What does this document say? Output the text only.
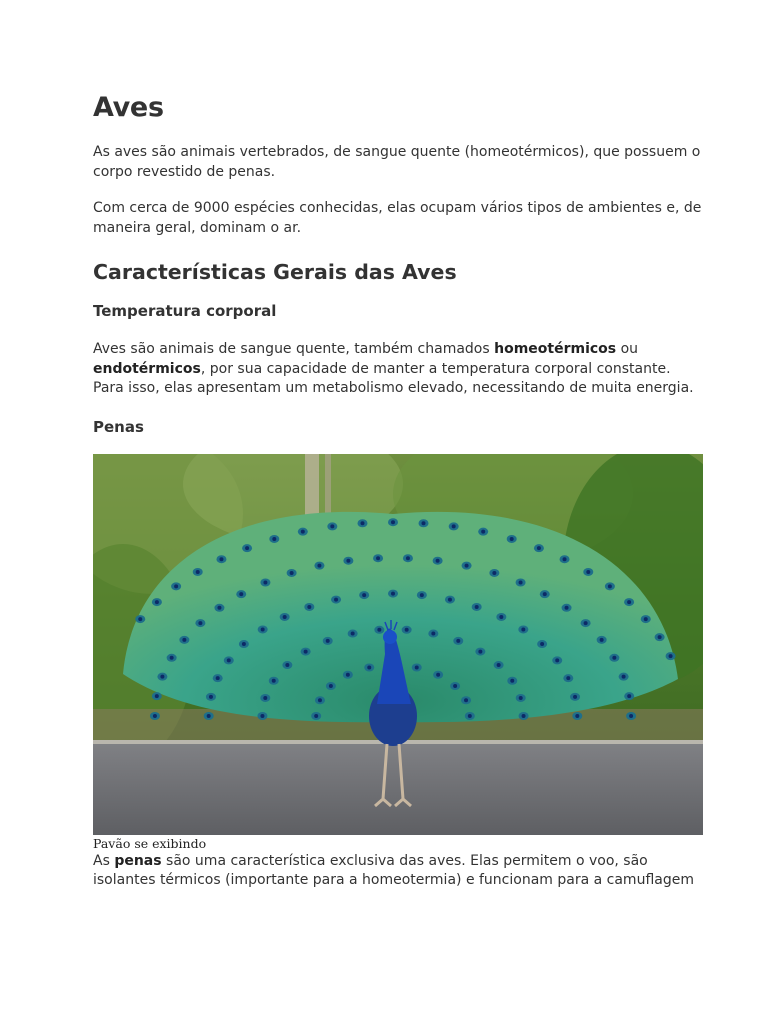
Aves

As aves são animais vertebrados, de sangue quente (homeotérmicos), que possuem o corpo revestido de penas.

Com cerca de 9000 espécies conhecidas, elas ocupam vários tipos de ambientes e, de maneira geral, dominam o ar.

Características Gerais das Aves
Temperatura corporal

Aves são animais de sangue quente, também chamados homeotérmicos ou endotérmicos, por sua capacidade de manter a temperatura corporal constante. Para isso, elas apresentam um metabolismo elevado, necessitando de muita energia.

Penas
Pavão se exibindo

As penas são uma característica exclusiva das aves. Elas permitem o voo, são isolantes térmicos (importante para a homeotermia) e funcionam para a camuflagem
